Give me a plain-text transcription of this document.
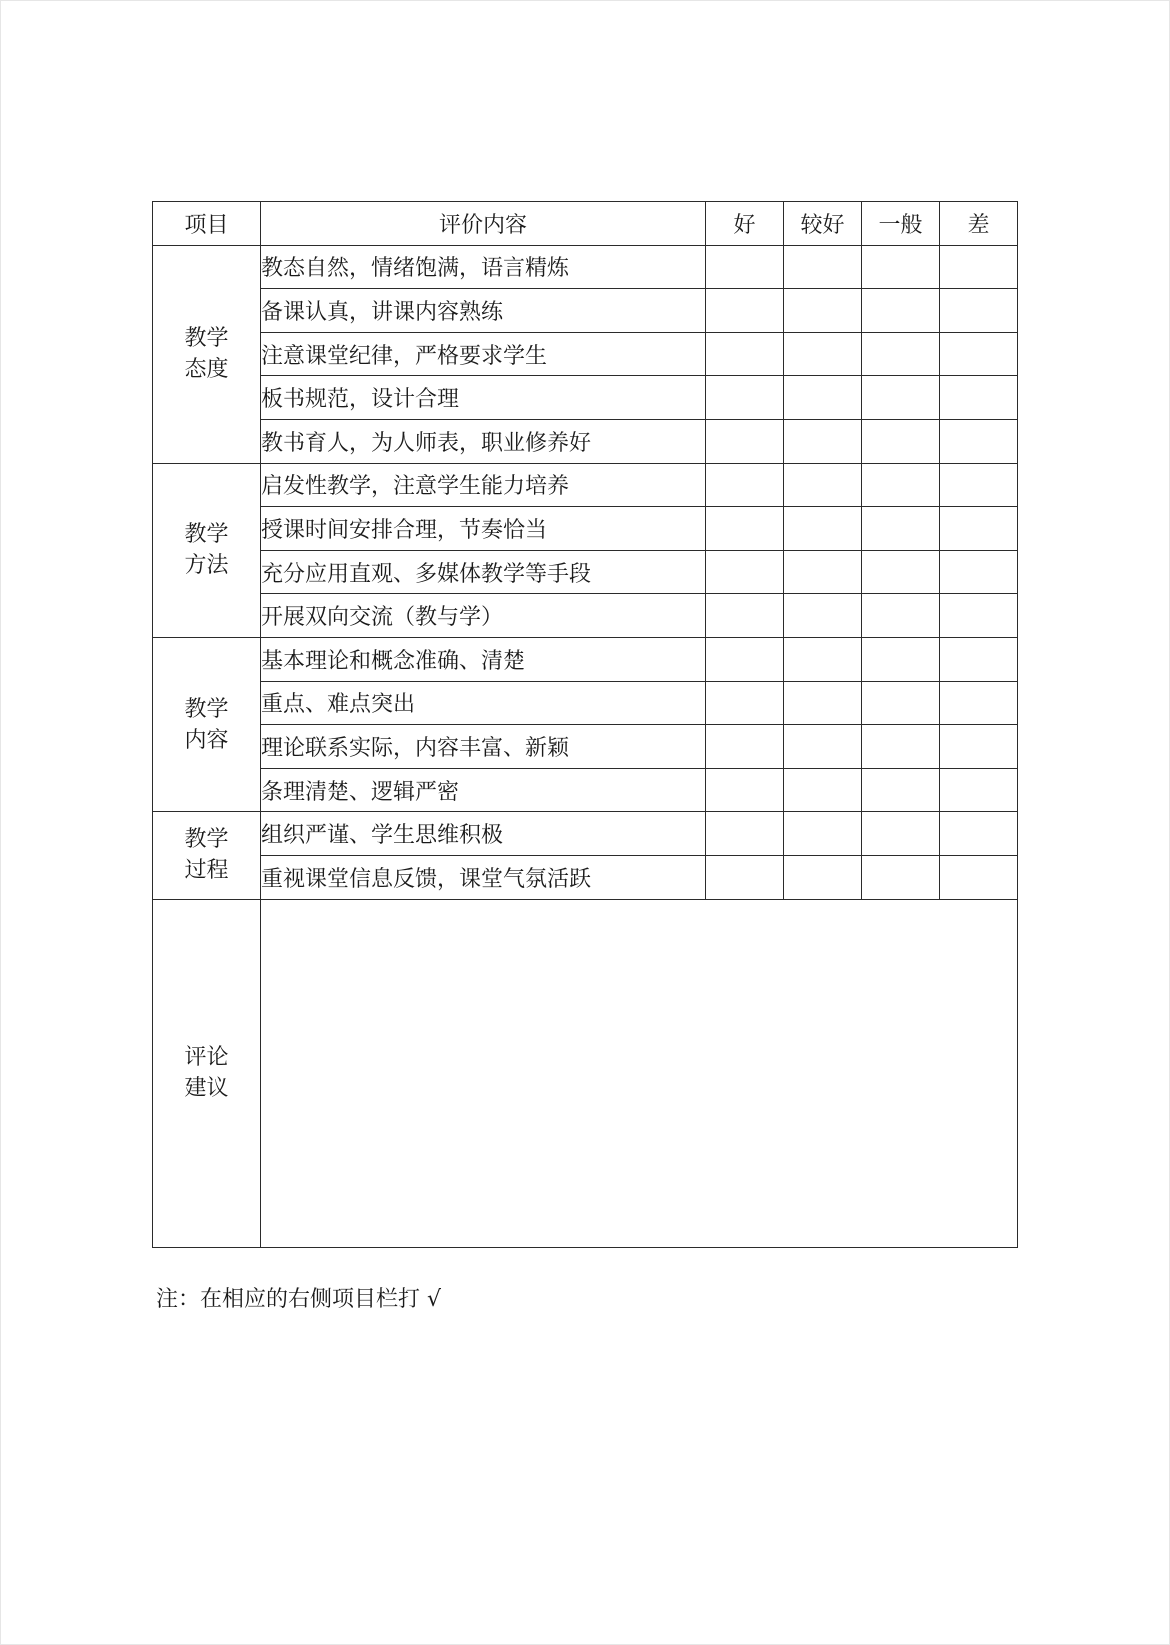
项目	评价内容	好	较好	一般	差

教学
态度	教态自然，情绪饱满，语言精炼				
	备课认真，讲课内容熟练				
	注意课堂纪律，严格要求学生				
	板书规范，设计合理				
	教书育人，为人师表，职业修养好				

教学
方法	启发性教学，注意学生能力培养				
	授课时间安排合理，节奏恰当				
	充分应用直观、多媒体教学等手段				
	开展双向交流（教与学）				

教学
内容	基本理论和概念准确、清楚				
	重点、难点突出				
	理论联系实际，内容丰富、新颖				
	条理清楚、逻辑严密				

教学
过程	组织严谨、学生思维积极				
	重视课堂信息反馈，课堂气氛活跃				

评论
建议					

注：在相应的右侧项目栏打 √
